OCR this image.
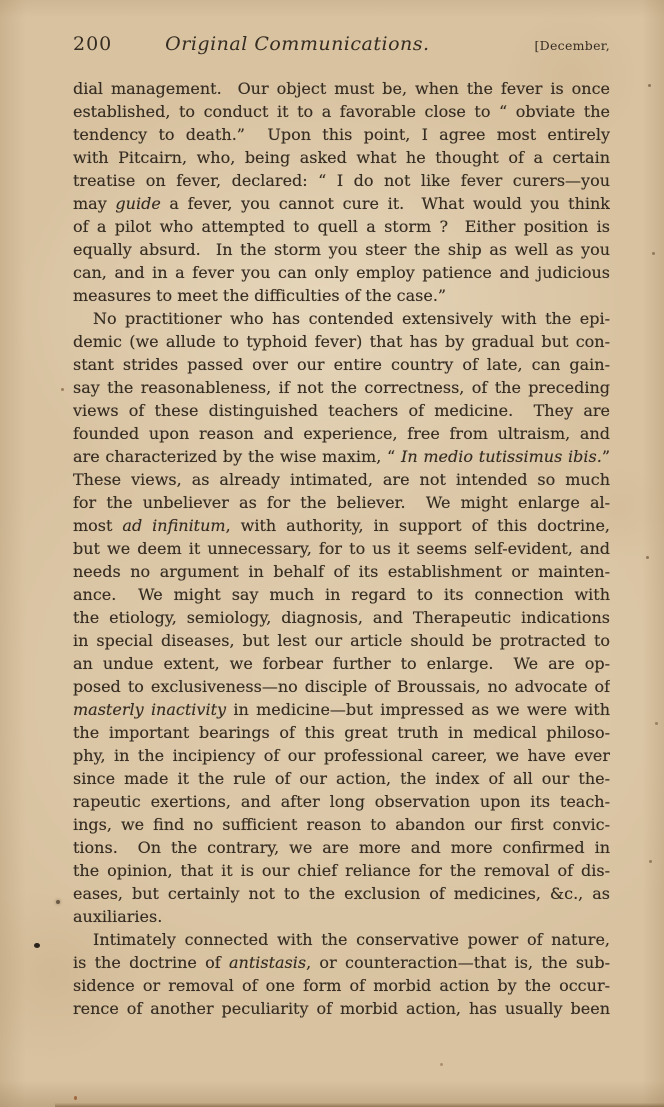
200	Original Communications.	[December,
dial management.  Our object must be, when the fever is once
established, to conduct it to a favorable close to “ obviate the
tendency to death.”  Upon this point, I agree most entirely
with Pitcairn, who, being asked what he thought of a certain
treatise on fever, declared: “ I do not like fever curers—you
may guide a fever, you cannot cure it.  What would you think
of a pilot who attempted to quell a storm ?  Either position is
equally absurd.  In the storm you steer the ship as well as you
can, and in a fever you can only employ patience and judicious
measures to meet the difficulties of the case.”
No practitioner who has contended extensively with the epi-
demic (we allude to typhoid fever) that has by gradual but con-
stant strides passed over our entire country of late, can gain-
say the reasonableness, if not the correctness, of the preceding
views of these distinguished teachers of medicine.  They are
founded upon reason and experience, free from ultraism, and
are characterized by the wise maxim, “ In medio tutissimus ibis.”
These views, as already intimated, are not intended so much
for the unbeliever as for the believer.  We might enlarge al-
most ad infinitum, with authority, in support of this doctrine,
but we deem it unnecessary, for to us it seems self-evident, and
needs no argument in behalf of its establishment or mainten-
ance.  We might say much in regard to its connection with
the etiology, semiology, diagnosis, and Therapeutic indications
in special diseases, but lest our article should be protracted to
an undue extent, we forbear further to enlarge.  We are op-
posed to exclusiveness—no disciple of Broussais, no advocate of
masterly inactivity in medicine—but impressed as we were with
the important bearings of this great truth in medical philoso-
phy, in the incipiency of our professional career, we have ever
since made it the rule of our action, the index of all our the-
rapeutic exertions, and after long observation upon its teach-
ings, we find no sufficient reason to abandon our first convic-
tions.  On the contrary, we are more and more confirmed in
the opinion, that it is our chief reliance for the removal of dis-
eases, but certainly not to the exclusion of medicines, &c., as
auxiliaries.
Intimately connected with the conservative power of nature,
is the doctrine of antistasis, or counteraction—that is, the sub-
sidence or removal of one form of morbid action by the occur-
rence of another peculiarity of morbid action, has usually been
